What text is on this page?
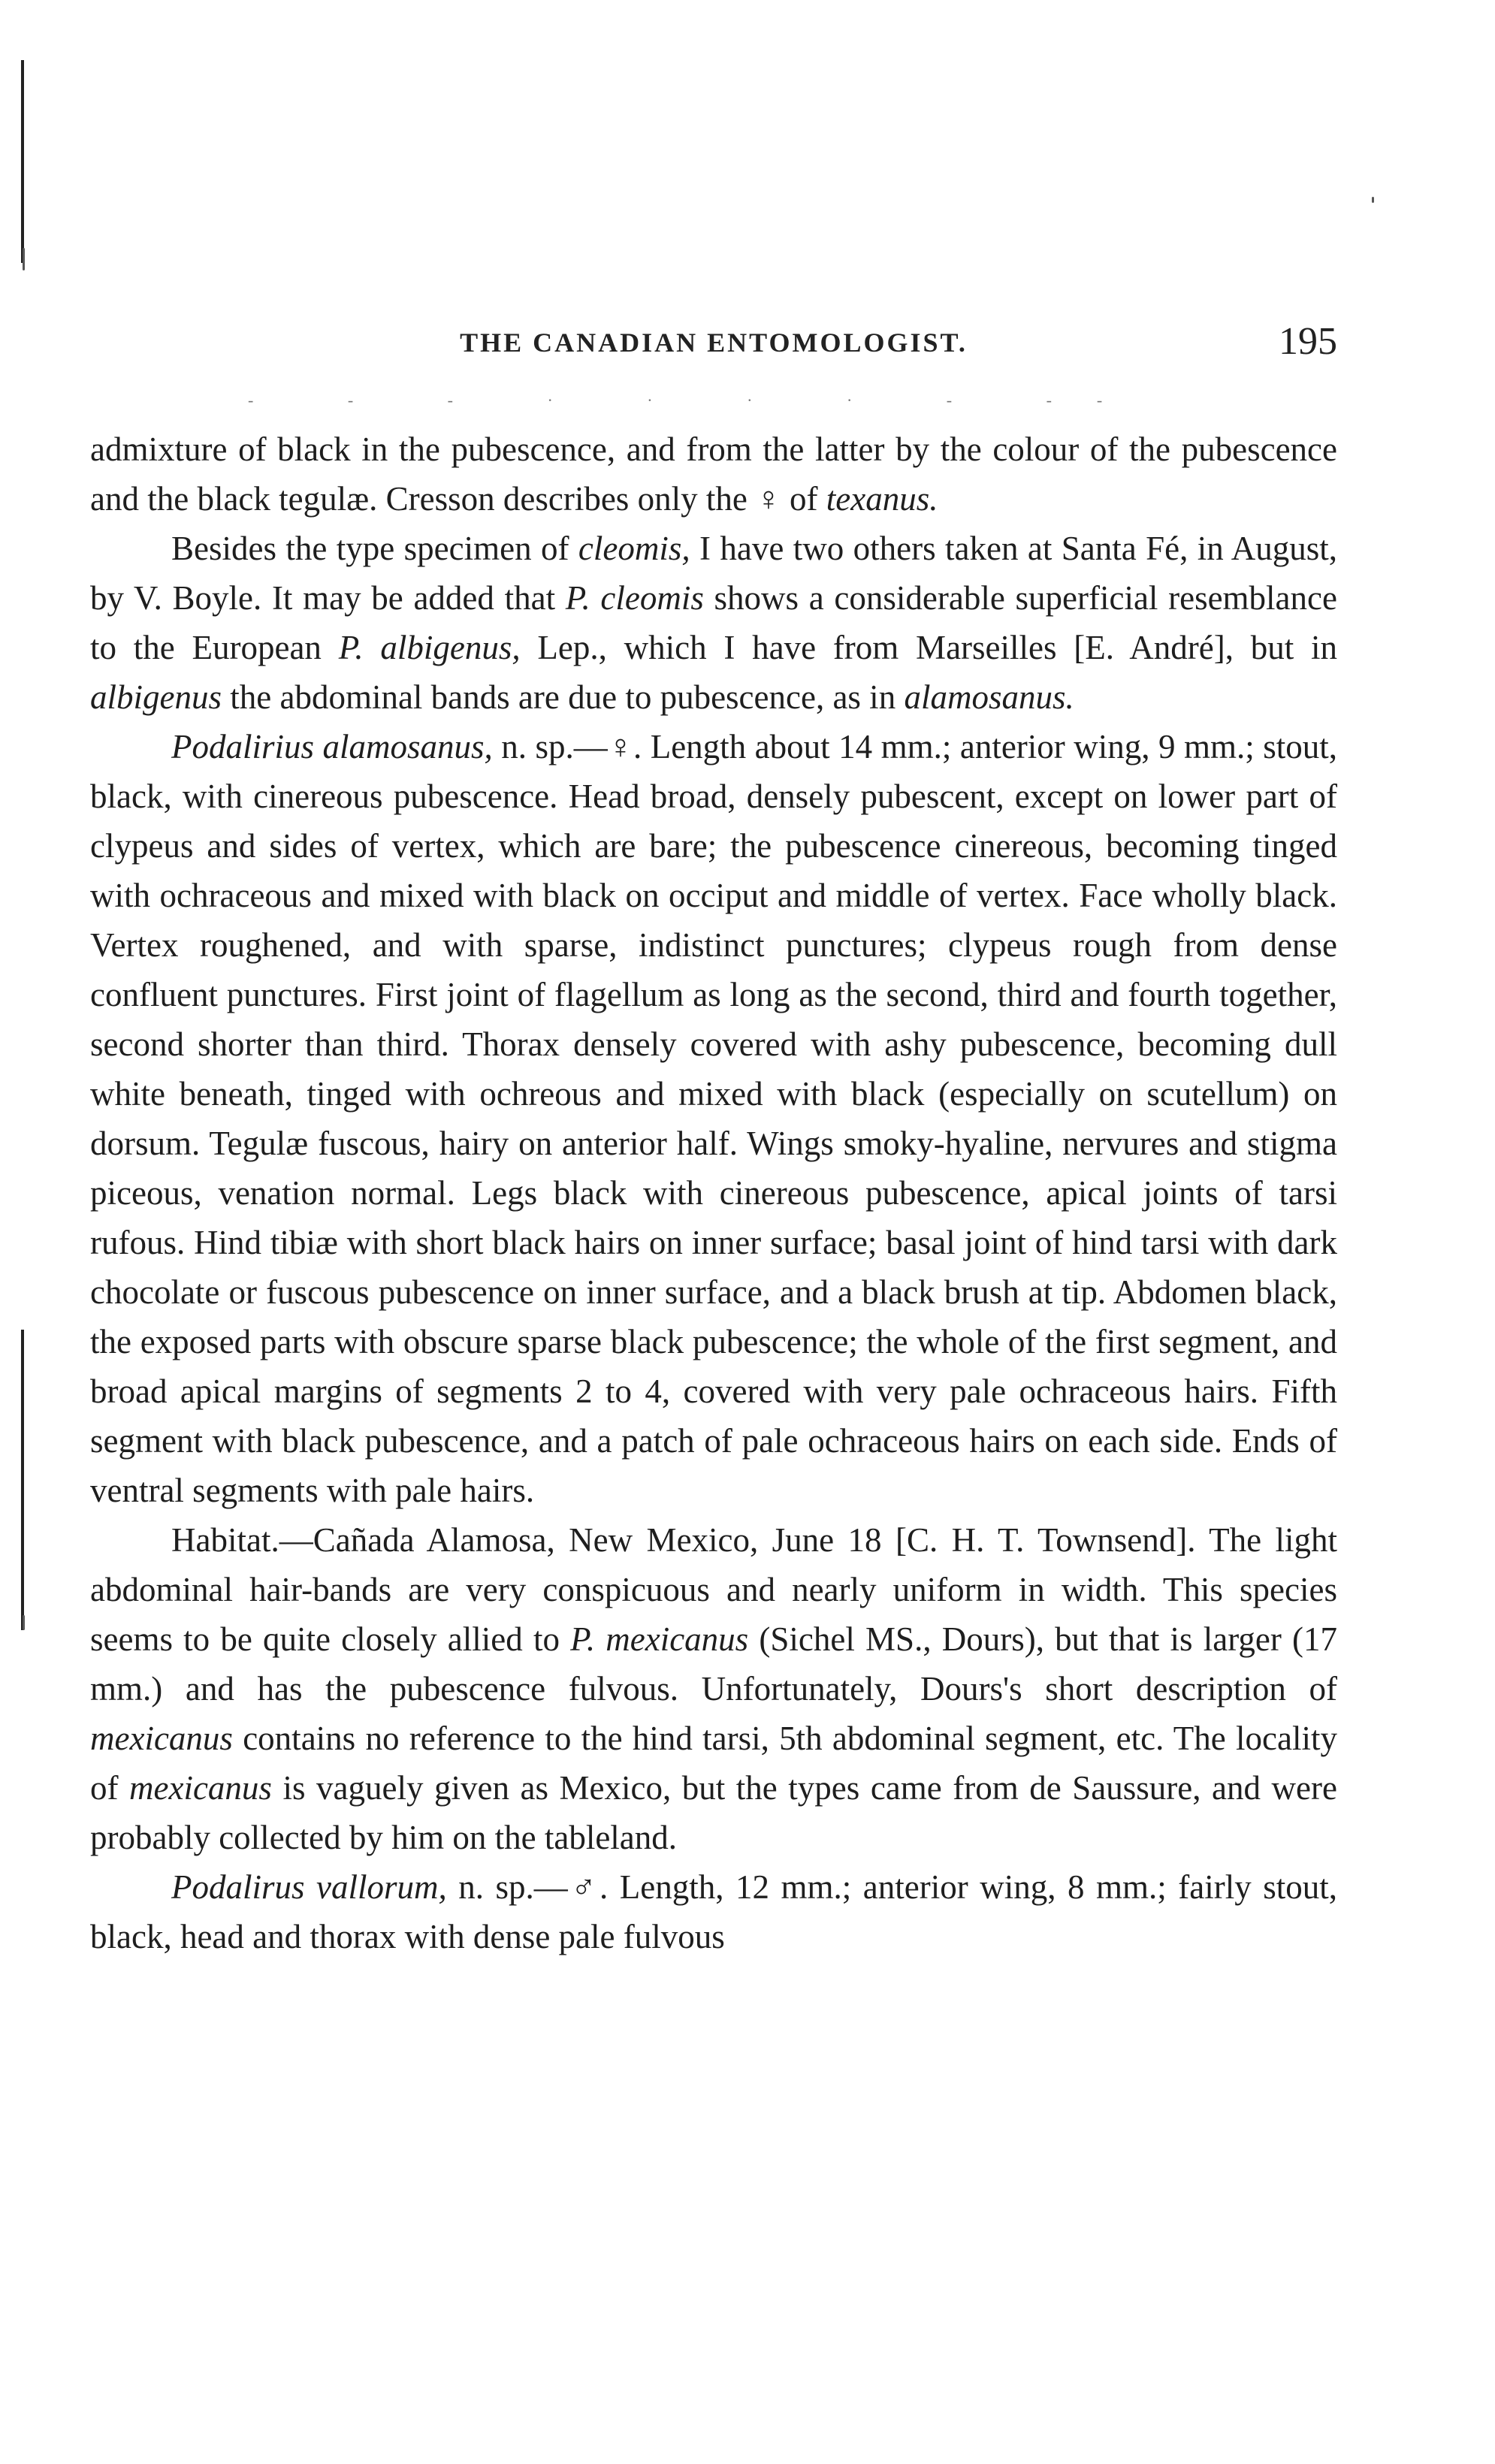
THE CANADIAN ENTOMOLOGIST.	195
‐ ‐ ‐ · · · · ‐ ‐‐

admixture of black in the pubescence, and from the latter by the colour of the pubescence and the black tegulæ. Cresson describes only the ♀ of texanus.

Besides the type specimen of cleomis, I have two others taken at Santa Fé, in August, by V. Boyle. It may be added that P. cleomis shows a considerable superficial resemblance to the European P. albigenus, Lep., which I have from Marseilles [E. André], but in albigenus the abdominal bands are due to pubescence, as in alamosanus.

Podalirius alamosanus, n. sp.—♀. Length about 14 mm.; anterior wing, 9 mm.; stout, black, with cinereous pubescence. Head broad, densely pubescent, except on lower part of clypeus and sides of vertex, which are bare; the pubescence cinereous, becoming tinged with ochraceous and mixed with black on occiput and middle of vertex. Face wholly black. Vertex roughened, and with sparse, indistinct punctures; clypeus rough from dense confluent punctures. First joint of flagellum as long as the second, third and fourth together, second shorter than third. Thorax densely covered with ashy pubescence, becoming dull white beneath, tinged with ochreous and mixed with black (especially on scutellum) on dorsum. Tegulæ fuscous, hairy on anterior half. Wings smoky-hyaline, nervures and stigma piceous, venation normal. Legs black with cinereous pubescence, apical joints of tarsi rufous. Hind tibiæ with short black hairs on inner surface; basal joint of hind tarsi with dark chocolate or fuscous pubescence on inner surface, and a black brush at tip. Abdomen black, the exposed parts with obscure sparse black pubescence; the whole of the first segment, and broad apical margins of segments 2 to 4, covered with very pale ochraceous hairs. Fifth segment with black pubescence, and a patch of pale ochraceous hairs on each side. Ends of ventral segments with pale hairs.

Habitat.—Cañada Alamosa, New Mexico, June 18 [C. H. T. Townsend]. The light abdominal hair-bands are very conspicuous and nearly uniform in width. This species seems to be quite closely allied to P. mexicanus (Sichel MS., Dours), but that is larger (17 mm.) and has the pubescence fulvous. Unfortunately, Dours's short description of mexicanus contains no reference to the hind tarsi, 5th abdominal segment, etc. The locality of mexicanus is vaguely given as Mexico, but the types came from de Saussure, and were probably collected by him on the tableland.

Podalirus vallorum, n. sp.—♂. Length, 12 mm.; anterior wing, 8 mm.; fairly stout, black, head and thorax with dense pale fulvous
